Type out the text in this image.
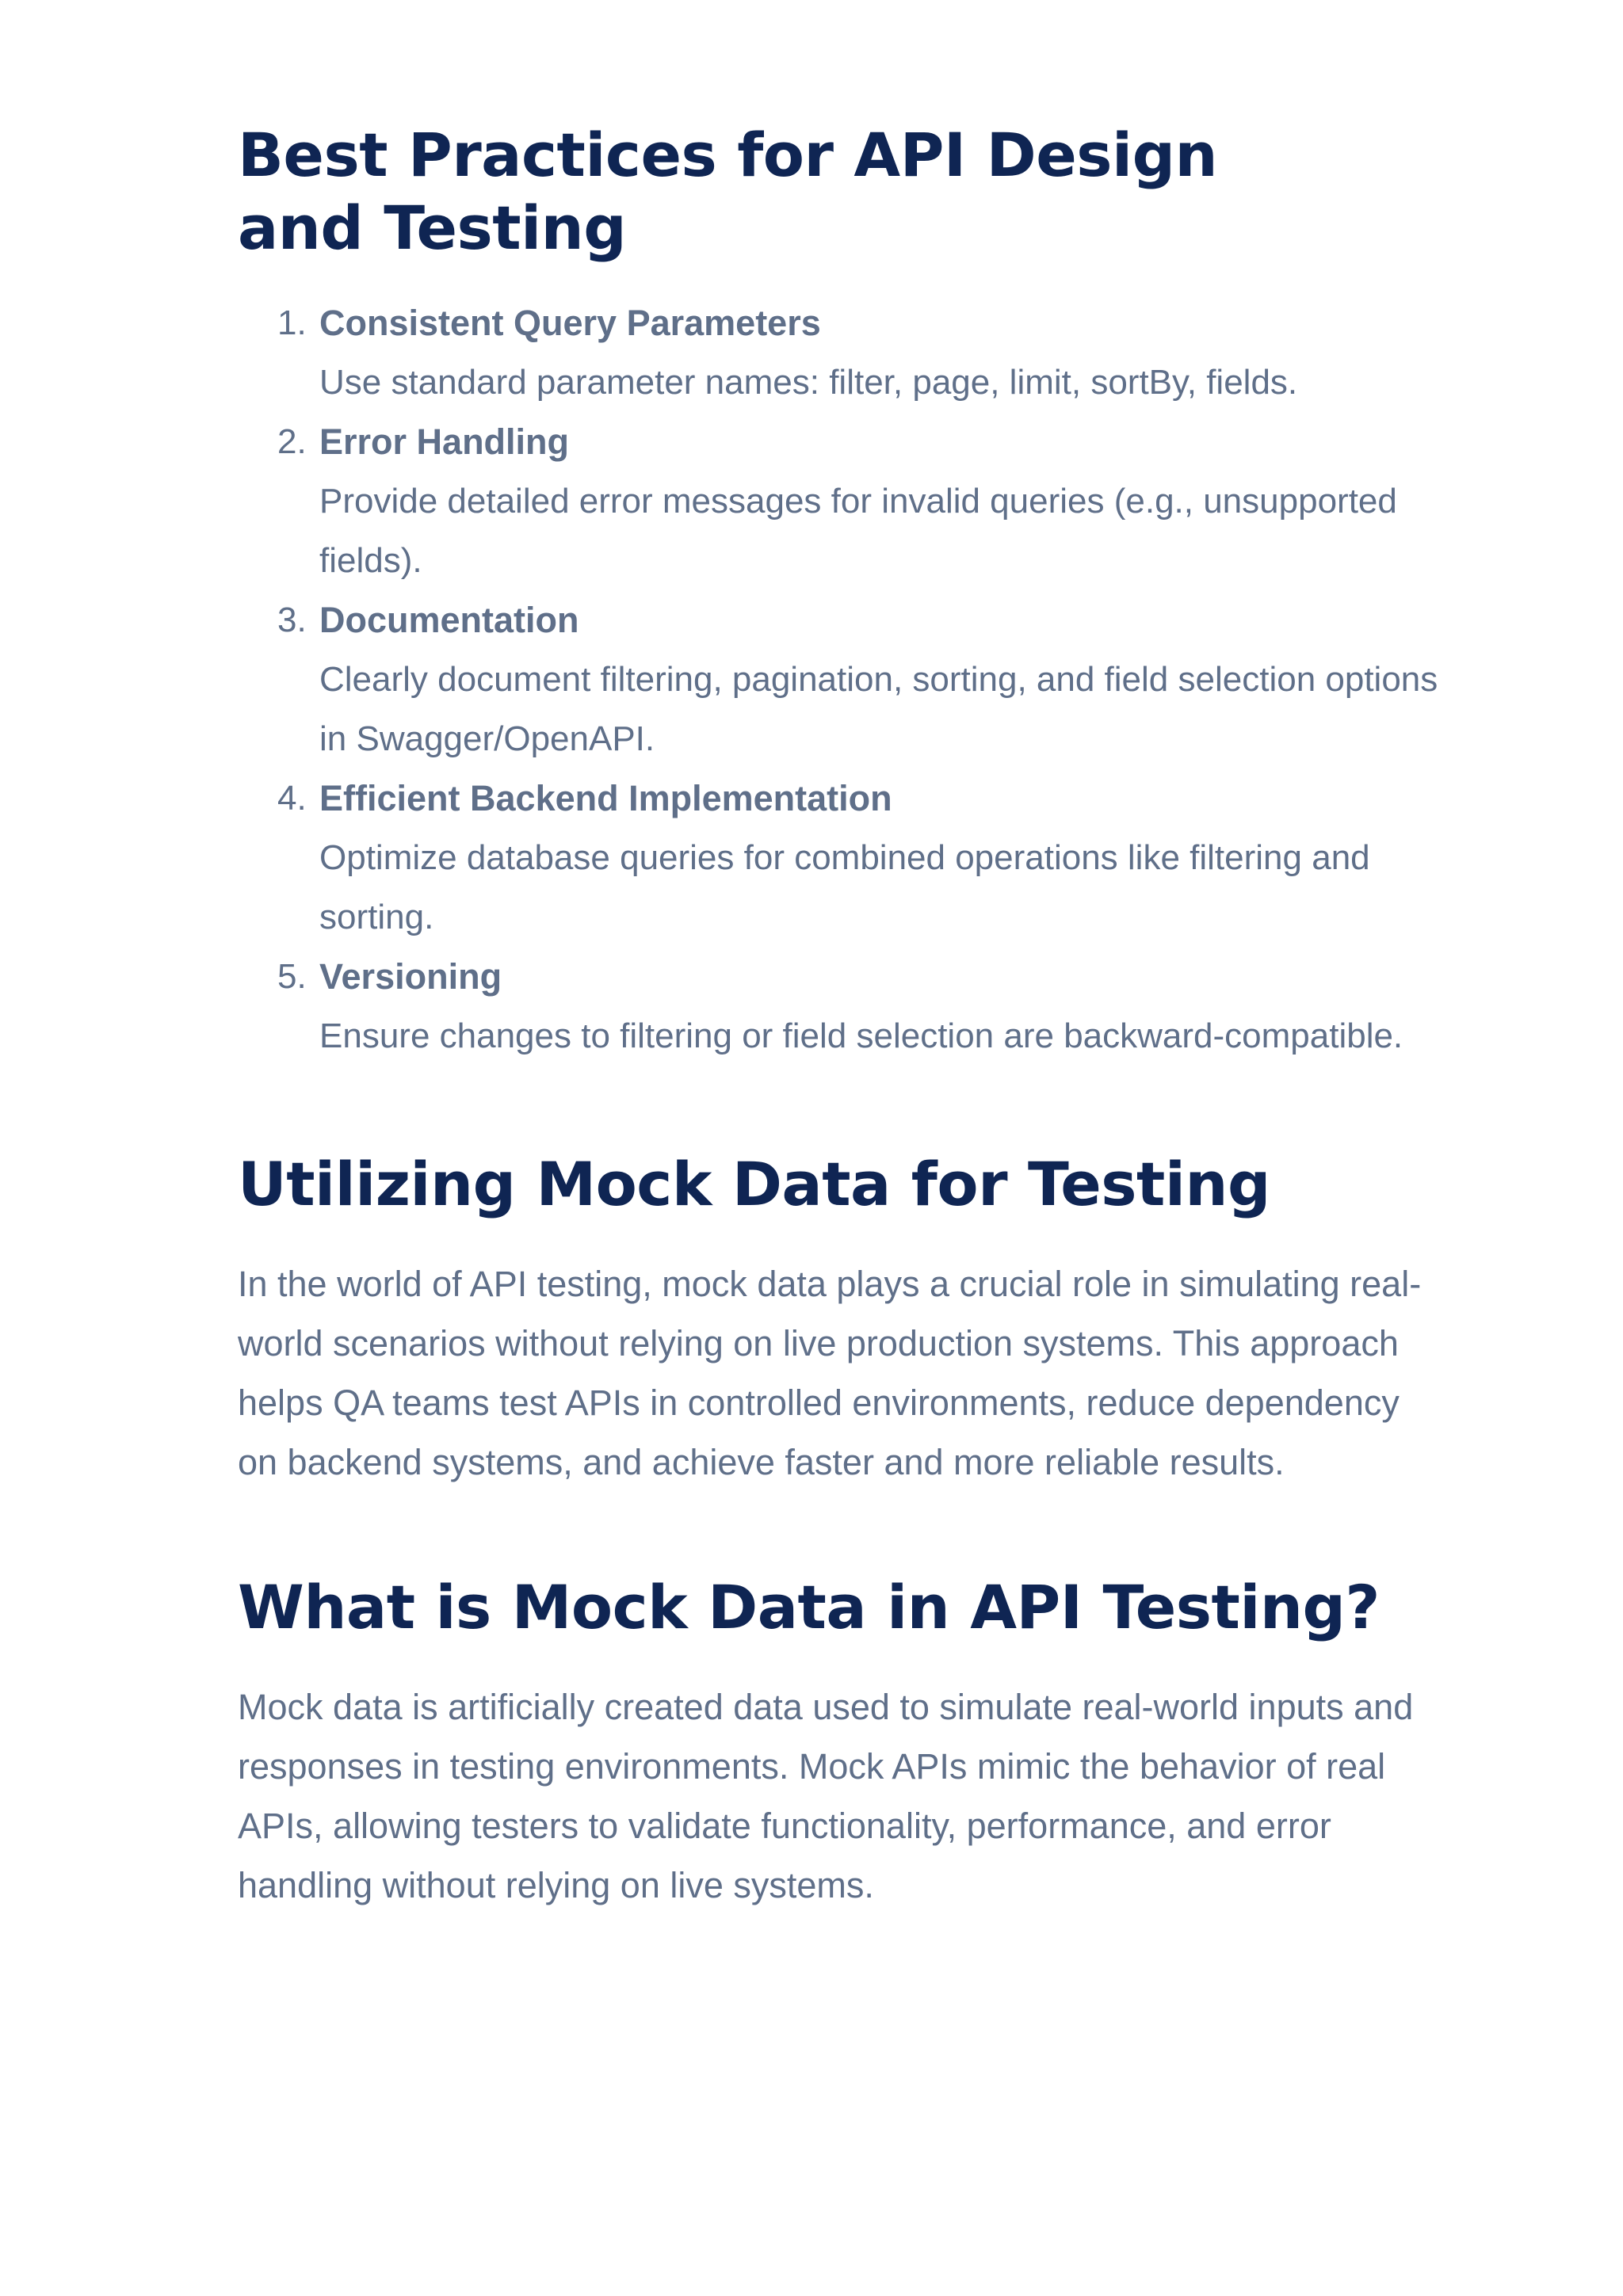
Best Practices for API Design and Testing
1. Consistent Query Parameters
Use standard parameter names: filter, page, limit, sortBy, fields.
2. Error Handling
Provide detailed error messages for invalid queries (e.g., unsupported fields).
3. Documentation
Clearly document filtering, pagination, sorting, and field selection options in Swagger/OpenAPI.
4. Efficient Backend Implementation
Optimize database queries for combined operations like filtering and sorting.
5. Versioning
Ensure changes to filtering or field selection are backward-compatible.
Utilizing Mock Data for Testing

In the world of API testing, mock data plays a crucial role in simulating real-world scenarios without relying on live production systems. This approach helps QA teams test APIs in controlled environments, reduce dependency on backend systems, and achieve faster and more reliable results.

What is Mock Data in API Testing?

Mock data is artificially created data used to simulate real-world inputs and responses in testing environments. Mock APIs mimic the behavior of real APIs, allowing testers to validate functionality, performance, and error handling without relying on live systems.
